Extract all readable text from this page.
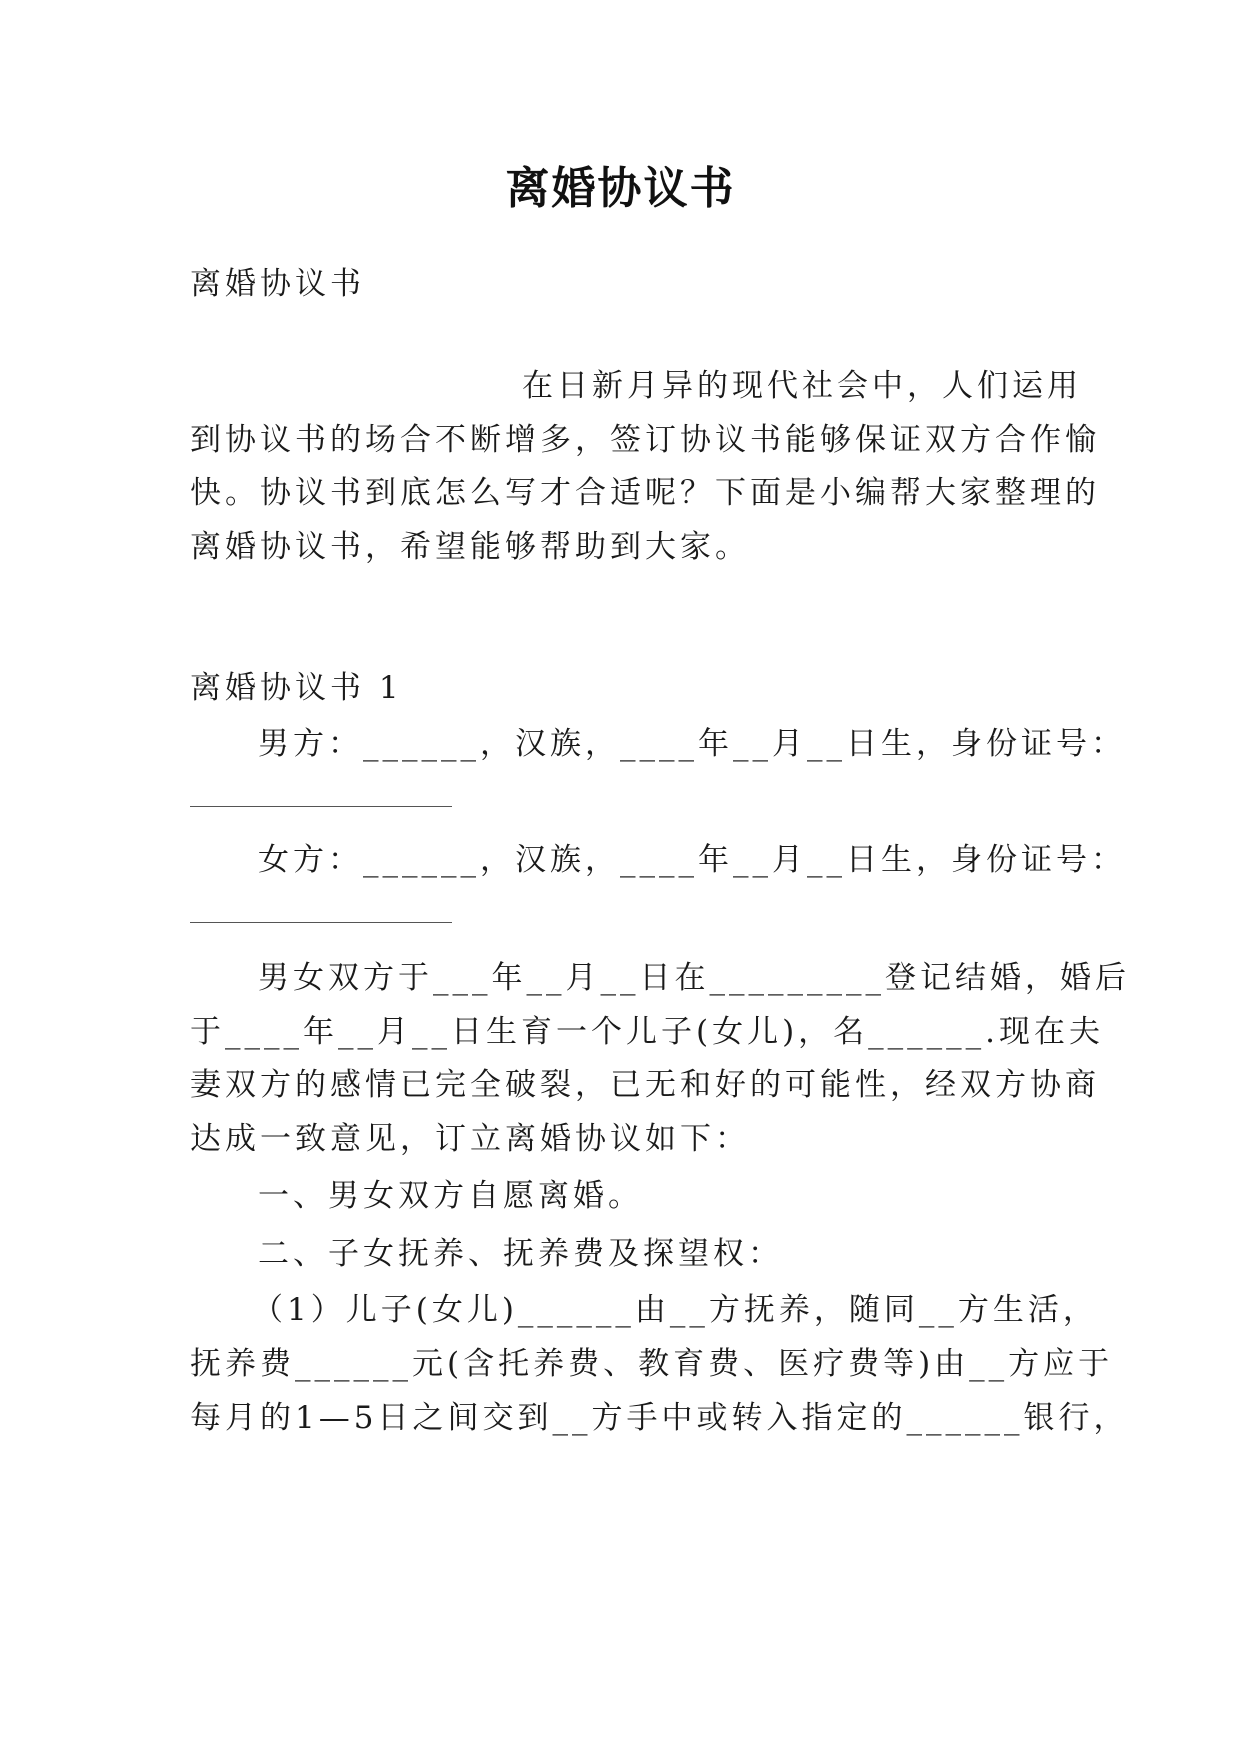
离婚协议书
离婚协议书
在日新月异的现代社会中，人们运用
到协议书的场合不断增多，签订协议书能够保证双方合作愉
快。协议书到底怎么写才合适呢？下面是小编帮大家整理的
离婚协议书，希望能够帮助到大家。
离婚协议书 1
男方：______，汉族，____年__月__日生，身份证号：
女方：______，汉族，____年__月__日生，身份证号：
男女双方于___年__月__日在_________登记结婚，婚后
于____年__月__日生育一个儿子(女儿)，名______.现在夫
妻双方的感情已完全破裂，已无和好的可能性，经双方协商
达成一致意见，订立离婚协议如下：
一、男女双方自愿离婚。
二、子女抚养、抚养费及探望权：
（1）儿子(女儿)______由__方抚养，随同__方生活，
抚养费______元(含托养费、教育费、医疗费等)由__方应于
每月的1—5日之间交到__方手中或转入指定的______银行，
